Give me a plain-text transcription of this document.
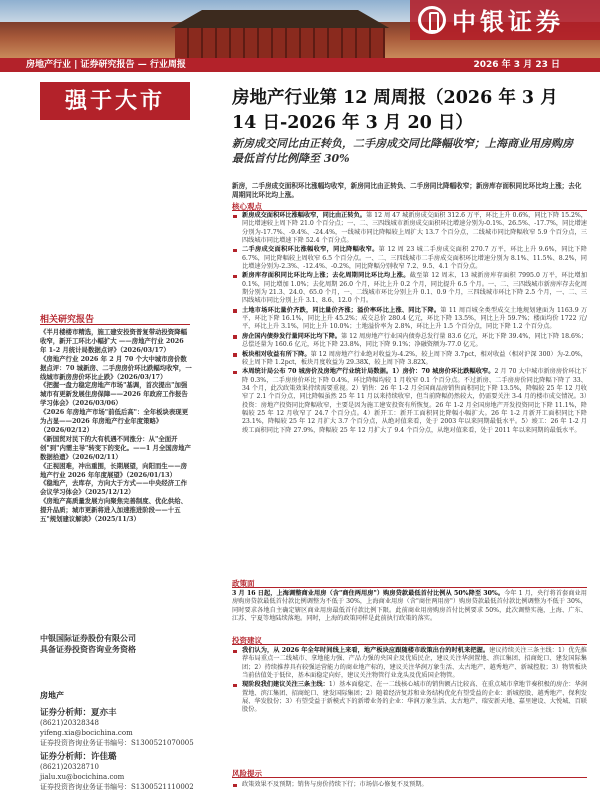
中银证券
房地产行业 | 证券研究报告 — 行业周报	2026 年 3 月 23 日
强于大市
相关研究报告
《半月楼楼市精选，施工建安投资普复带动投资降幅收窄，新开工环比小幅扩大 ——房地产行业 2026 年 1-2 月统计局数据点评》（2026/03/17）
《房地产行业 2026 年 2 月 70 个大中城市房价数据点评：70 城新房、二手房房价环比跌幅均收窄，一线城市新房房价环比止跌》（2026/03/17）
《把握一盘力稳定房地产市场"基调，首次提出"加强城市有更新发展住房保障——2026 年政府工作报告学习体会》（2026/03/06）
《2026 年房地产市场"前低后高"：全年板块表现更为占显——2026 年房地产行业年度策略》（2026/02/12）
《新国贸对民下的大有机遇不同涨分：从"全面开创"到"内需主导"转变下的变化。——1 月全国房地产数据拾遗》（2026/02/11）
《正视困难，冲出重围，长期展望，向阳而生——房地产行业 2026 年年度展望》（2026/01/13）
《稳地产，去库存，方向大于方式——中央经济工作会议学习体会》（2025/12/12）
《房地产高质量发展方向聚焦完善制度、优化供给、提升品质；城市更新将进入加速推进阶段——十五五"规划建议解读》（2025/11/3）
中银国际证券股份有限公司
具备证券投资咨询业务资格
房地产
证券分析师：夏亦丰
(8621)20328348
yifeng.xia@bocichina.com
证券投资咨询业务证书编号：S1300521070005
证券分析师：许佳璐
(8621)20328710
jialu.xu@bocichina.com
证券投资咨询业务证书编号：S1300521110002
房地产行业第 12 周周报（2026 年 3 月 14 日-2026 年 3 月 20 日）
新房成交同比由正转负，二手房成交同比降幅收窄；上海商业用房购房最低首付比例降至 30%
新房，二手房成交面积环比涨幅均收窄，新房同比由正转负、二手房同比降幅收窄；新房库存面积同比环比均上涨；去化周期同比环比均上涨。
核心观点
新房成交面积环比涨幅收窄，同比由正转负。第 12 周 47 城新房成交面积 312.6 万平，环比上升 0.6%，同比下降 15.2%，同比增速较上周下降 21.0 个百分点；一、二、三四线城市新房成交面积环比增速分别为-0.1%、26.5%、-17.7%，同比增速分别为-17.7%、-9.4%、-24.4%，一线城市同比降幅较上周扩大 13.7 个百分点，二线城市同比降幅收窄 5.9 个百分点，三四线城市同比增速下降 52.4 个百分点。
二手房成交面积环比涨幅收窄，同比降幅收窄。第 12 周 23 城二手房成交面积 270.7 万平，环比上升 9.6%，同比下降 6.7%，同比降幅较上周收窄 6.5 个百分点。一、二、三四线城市二手房成交面积环比增速分别为 8.1%、11.5%、8.2%，同比增速分别为-2.3%、-12.4%、-0.2%，同比降幅分别收窄 7.2、9.5、4.1 个百分点。
新房库存面积同比环比均上涨；去化周期同比环比均上涨。截至第 12 周末，13 城新房库存面积 7995.0 万平，环比增加 0.1%，同比增加 1.0%；去化周期 26.0 个月，环比上升 0.2 个月，同比提升 6.5 个月。一、二、三四线城市新房库存去化周期分别为 21.3、24.0、65.0 个月，一、二线城市环比分别上升 0.1、0.9 个月，三四线城市环比下降 2.5 个月，一、二、三四线城市同比分别上升 3.1、8.6、12.0 个月。
土地市场环比量价齐跌，同比量价齐涨；溢价率环比上涨、同比下降。第 11 周百城全类型成交土地规划建面为 1163.9 万平，环比下降 16.1%，同比上升 45.2%；成交总价 280.4 亿元，环比下降 13.5%，同比上升 59.7%；楼面均价 1722 元/平，环比上升 3.1%，同比上升 10.0%；土地溢价率为 2.8%，环比上升 1.5 个百分点，同比下降 1.2 个百分点。
房企国内债券发行量同环比均下降。第 12 周房地产行业国内债券总发行量 83.6 亿元，环比下降 39.4%，同比下降 18.6%；总偿还量为 160.6 亿元，环比下降 23.8%，同比下降 9.1%；净融资额为-77.0 亿元。
板块相对收益有所下降。第 12 周房地产行业绝对收益为-4.2%，较上周下降 3.7pct，相对收益（相对沪深 300）为-2.0%，较上周下降 1.2pct，板块月度收益为 29.38X，较上周下降 3.82X。
本周统计局公布 70 城房价及房地产行业统计局数据。1）房价：70 城房价环比跌幅收窄。2 月 70 大中城市新房房价环比下降 0.3%，二手房房价环比下降 0.4%，环比降幅均较 1 月收窄 0.1 个百分点。不过新房、二手房房价同比降幅下降了 33、34 个月，此次政策效果持续需要重视。2）销售：26 年 1-2 月全国商品房销售面积同比下降 13.5%，降幅较 25 年 12 月收窄了 2.1 个百分点，同比降幅虽然 25 年 11 月以来持续收窄，但当前降幅仍然较大，仍需要关注 3-4 月的楼市成交情况。3）投资：房地产投资同比降幅收窄，主要是因为施工建安投资有所恢复。26 年 1-2 月全国房地产开发投资同比下降 11.1%，降幅较 25 年 12 月收窄了 24.7 个百分点。4）新开工：新开工面积同比降幅小幅扩大。26 年 1-2 月新开工面积同比下降 23.1%，降幅较 25 年 12 月扩大 3.7 个百分点，从绝对值来看，处于 2003 年以来同期最低水平。5）竣工：26 年 1-2 月竣工面积同比下降 27.9%，降幅较 25 年 12 月扩大了 9.4 个百分点，从绝对值来看，处于 2011 年以来同期的最低水平。
政策面
3 月 16 日起，上海调整商业用房（含"商住两用房"）购房贷款最低首付比例从 50%降至 30%。今年 1 月，央行将首套商业用房购房贷款最低首付款比例调整为不低于 30%，上海商业用房（含"商住两用房"）购房贷款最低首付款比例调整为不低于 30%，同时要求各地自主确定辖区商业用房最低首付款比例下限。此前商业用房购房首付比例要求 50%，此次调整实施，上海、广东、江苏、宁夏等地陆续落地。同时，上海的政策同样是此前执行政策的落实。
投资建议
我们认为，从 2026 年全年时间线上来看，地产板块应跟随楼市政策出台的时机来把握。建议持续关注三条主线：1）优先推荐布局重点一二线城市、拿地能力强、产品力强的央国企及优质民企，建议关注华润置地、滨江集团、招商蛇口、建发国际集团；2）持续推荐具有较强运营能力的商业地产标的，建议关注华润万象生活、太古地产、越秀地产、新城控股；3）物管板块当前估值处于低位，基本面稳定向好，建议关注物管行业龙头及优质国企物管。
现阶段我们建议关注三条主线：1）基本面稳定、在一二线核心城市的销售额占比较高、在重点城市拿地节奏积极的房企：华润置地、滨江集团、招商蛇口、建发国际集团；2）随着经济复苏和业务结构优化有望受益的企业：新城控股、越秀地产、保利发展、华发股份；3）有望受益于新模式下的新增业务的企业：华润万象生活、太古地产、瑞安新天地、嘉里建设、大悦城、百联股份。
风险提示
政策效果不及预期；销售与房价持续下行；市场信心修复不及预期。
